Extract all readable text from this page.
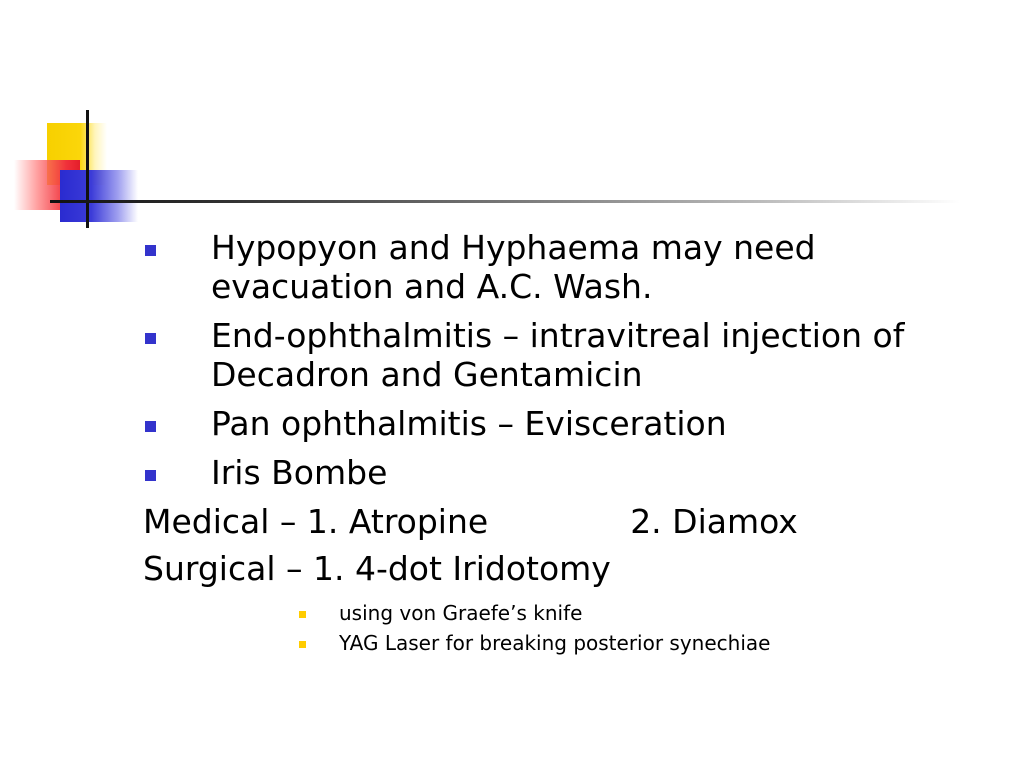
Hypopyon and Hyphaema may need
evacuation and A.C. Wash.
End-ophthalmitis – intravitreal injection of
Decadron and Gentamicin
Pan ophthalmitis – Evisceration
Iris Bombe
Medical – 1. Atropine	2. Diamox
Surgical – 1. 4-dot Iridotomy
using von Graefe’s knife
YAG Laser for breaking posterior synechiae
